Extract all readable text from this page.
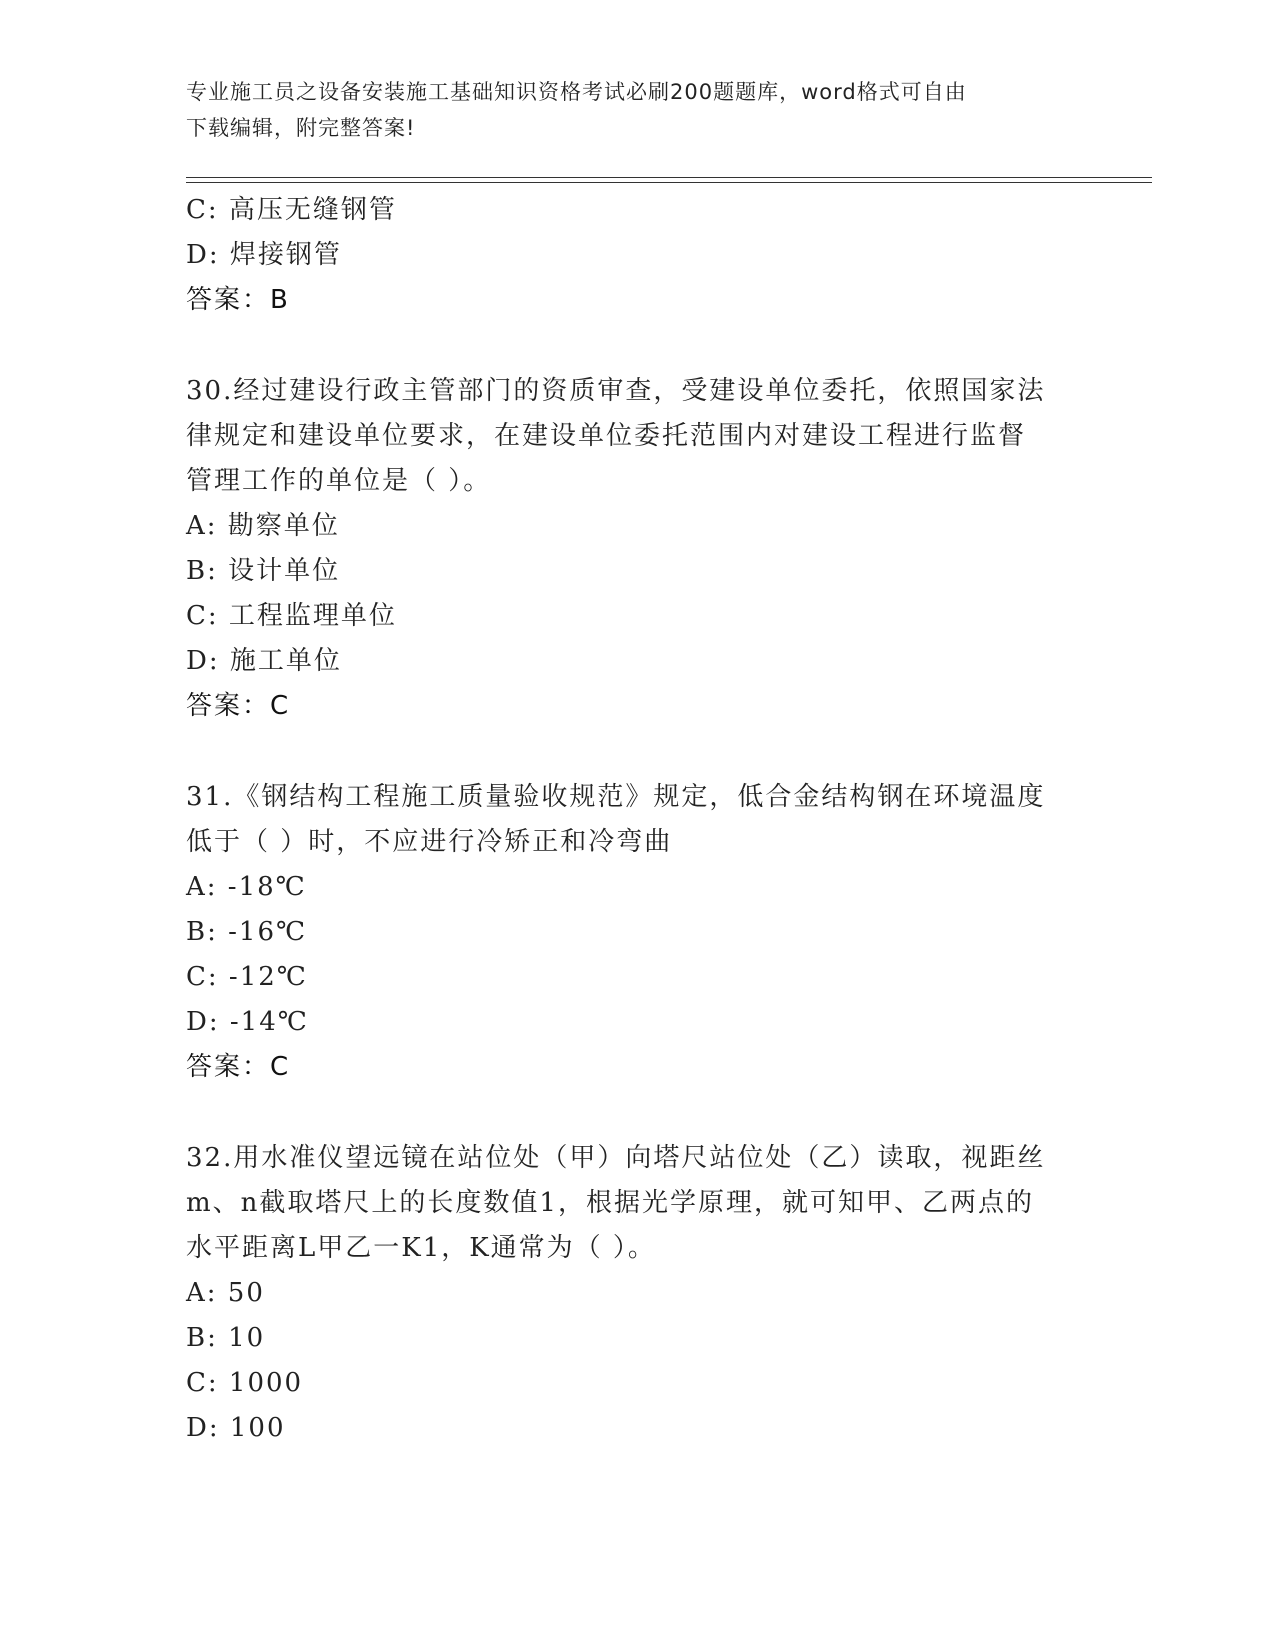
专业施工员之设备安装施工基础知识资格考试必刷200题题库，word格式可自由
下载编辑，附完整答案!
C: 高压无缝钢管
D: 焊接钢管
答案：B
30.经过建设行政主管部门的资质审查，受建设单位委托，依照国家法
律规定和建设单位要求，在建设单位委托范围内对建设工程进行监督
管理工作的单位是（ ）。
A: 勘察单位
B: 设计单位
C: 工程监理单位
D: 施工单位
答案：C
31.《钢结构工程施工质量验收规范》规定，低合金结构钢在环境温度
低于（ ）时，不应进行冷矫正和冷弯曲
A: -18℃
B: -16℃
C: -12℃
D: -14℃
答案：C
32.用水准仪望远镜在站位处（甲）向塔尺站位处（乙）读取，视距丝
m、n截取塔尺上的长度数值1，根据光学原理，就可知甲、乙两点的
水平距离L甲乙一K1，K通常为（ ）。
A: 50
B: 10
C: 1000
D: 100
